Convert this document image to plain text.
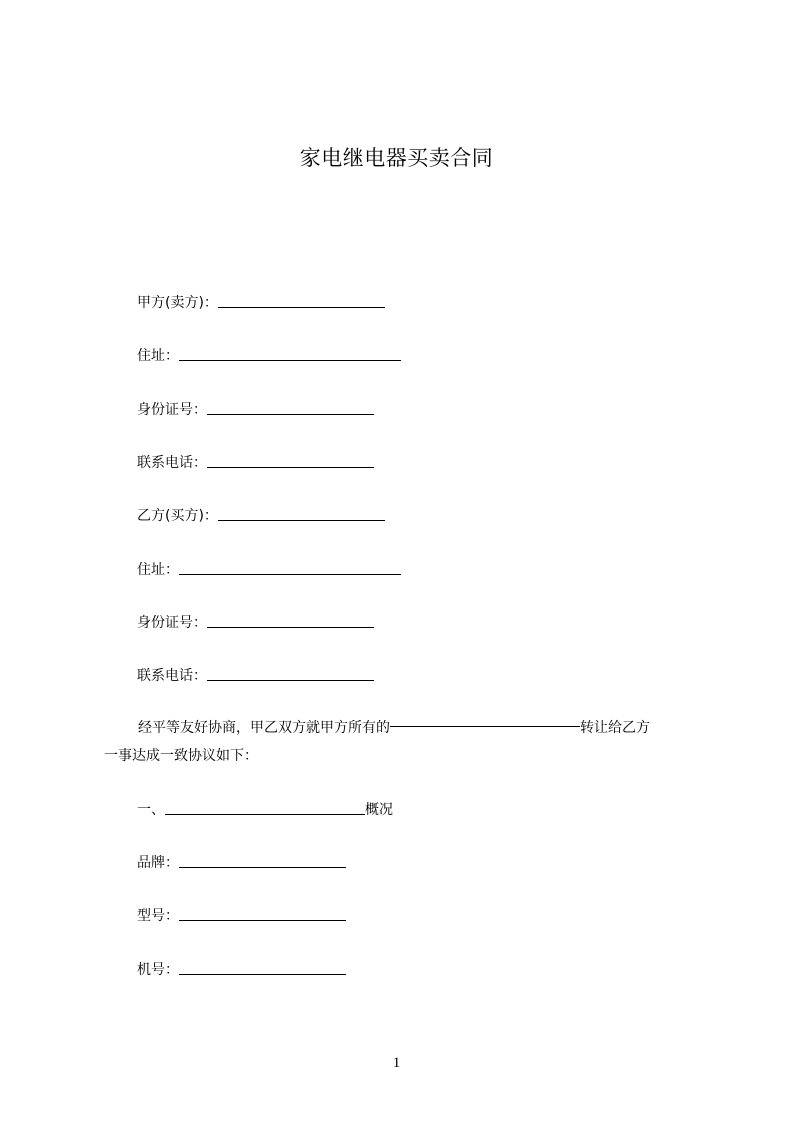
家电继电器买卖合同
甲方(卖方)：
住址：
身份证号：
联系电话：
乙方(买方)：
住址：
身份证号：
联系电话：
经平等友好协商，甲乙双方就甲方所有的	转让给乙方
一事达成一致协议如下：
一、	概况
品牌：
型号：
机号：
1
